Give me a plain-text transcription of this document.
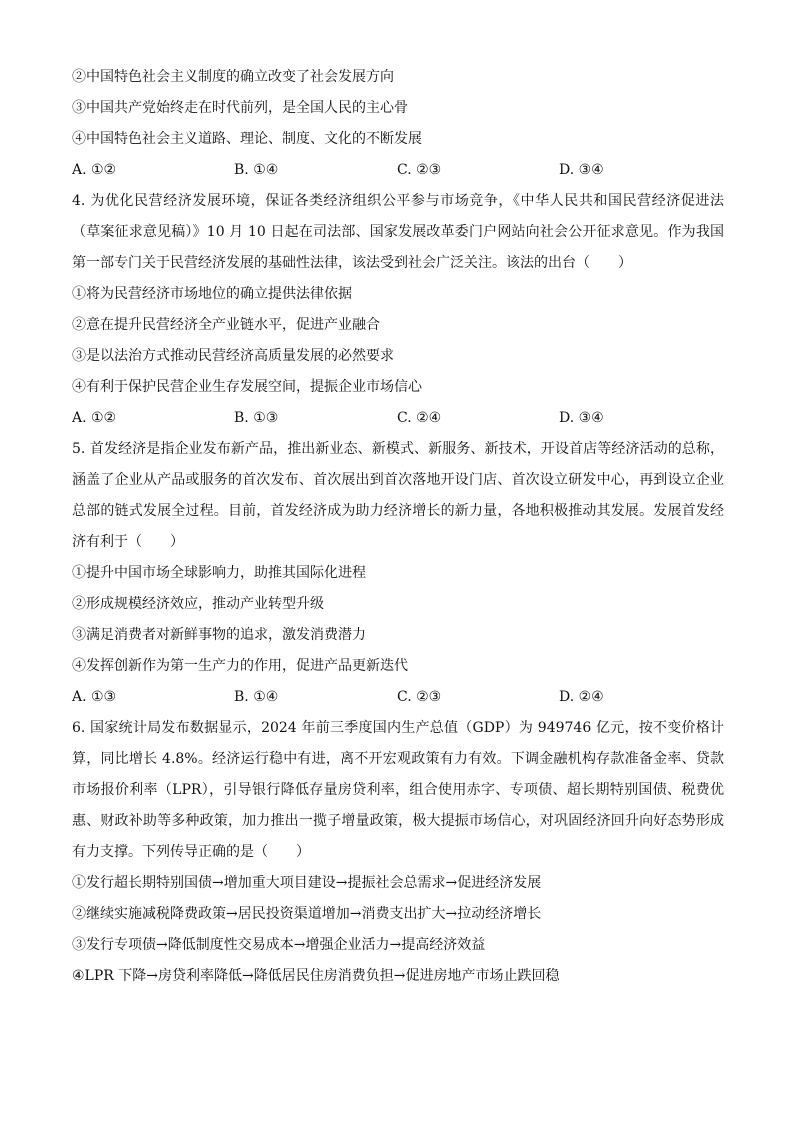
②中国特色社会主义制度的确立改变了社会发展方向
③中国共产党始终走在时代前列，是全国人民的主心骨
④中国特色社会主义道路、理论、制度、文化的不断发展
A. ①②	B. ①④	C. ②③	D. ③④
4. 为优化民营经济发展环境，保证各类经济组织公平参与市场竞争，《中华人民共和国民营经济促进法（草案征求意见稿）》10 月 10 日起在司法部、国家发展改革委门户网站向社会公开征求意见。作为我国第一部专门关于民营经济发展的基础性法律，该法受到社会广泛关注。该法的出台（　　）
①将为民营经济市场地位的确立提供法律依据
②意在提升民营经济全产业链水平，促进产业融合
③是以法治方式推动民营经济高质量发展的必然要求
④有利于保护民营企业生存发展空间，提振企业市场信心
A. ①②	B. ①③	C. ②④	D. ③④
5. 首发经济是指企业发布新产品，推出新业态、新模式、新服务、新技术，开设首店等经济活动的总称，涵盖了企业从产品或服务的首次发布、首次展出到首次落地开设门店、首次设立研发中心，再到设立企业总部的链式发展全过程。目前，首发经济成为助力经济增长的新力量，各地积极推动其发展。发展首发经济有利于（　　）
①提升中国市场全球影响力，助推其国际化进程
②形成规模经济效应，推动产业转型升级
③满足消费者对新鲜事物的追求，激发消费潜力
④发挥创新作为第一生产力的作用，促进产品更新迭代
A. ①③	B. ①④	C. ②③	D. ②④
6. 国家统计局发布数据显示，2024 年前三季度国内生产总值（GDP）为 949746 亿元，按不变价格计算，同比增长 4.8%。经济运行稳中有进，离不开宏观政策有力有效。下调金融机构存款准备金率、贷款市场报价利率（LPR），引导银行降低存量房贷利率，组合使用赤字、专项债、超长期特别国债、税费优惠、财政补助等多种政策，加力推出一揽子增量政策，极大提振市场信心，对巩固经济回升向好态势形成有力支撑。下列传导正确的是（　　）
①发行超长期特别国债→增加重大项目建设→提振社会总需求→促进经济发展
②继续实施减税降费政策→居民投资渠道增加→消费支出扩大→拉动经济增长
③发行专项债→降低制度性交易成本→增强企业活力→提高经济效益
④LPR 下降→房贷利率降低→降低居民住房消费负担→促进房地产市场止跌回稳
